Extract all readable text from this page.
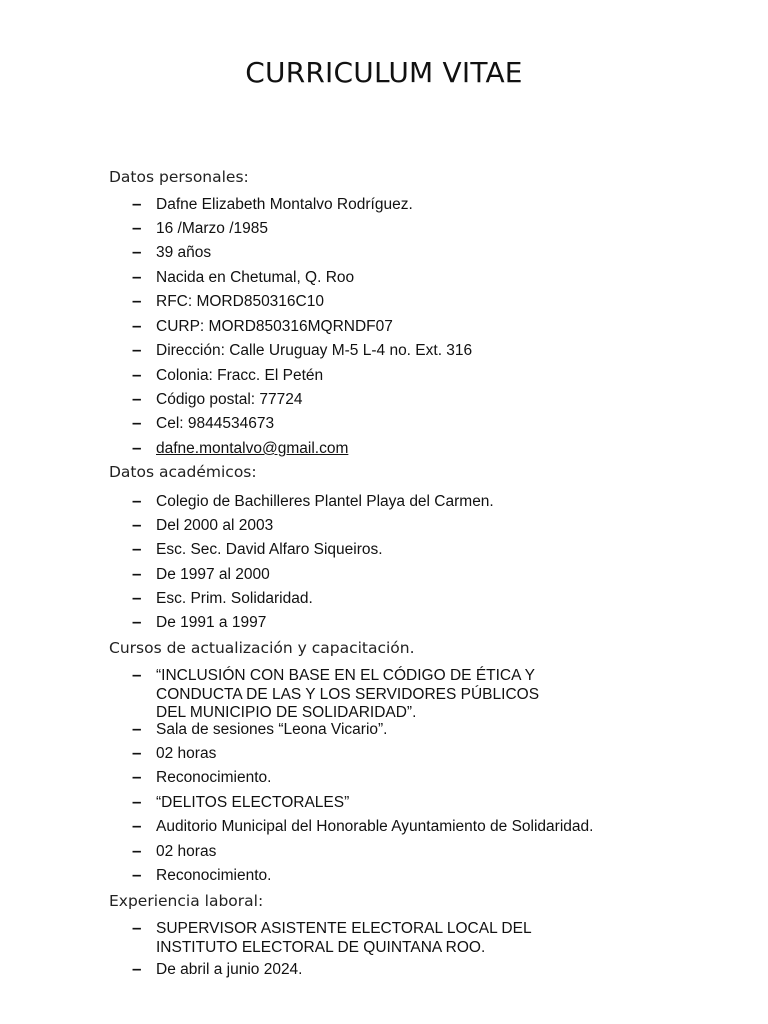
CURRICULUM VITAE
Datos personales:
– Dafne Elizabeth Montalvo Rodríguez.
– 16 /Marzo /1985
– 39 años
– Nacida en Chetumal, Q. Roo
– RFC: MORD850316C10
– CURP: MORD850316MQRNDF07
– Dirección: Calle Uruguay M-5 L-4 no. Ext. 316
– Colonia: Fracc. El Petén
– Código postal: 77724
– Cel: 9844534673
– dafne.montalvo@gmail.com
Datos académicos:
– Colegio de Bachilleres Plantel Playa del Carmen.
– Del 2000 al 2003
– Esc. Sec. David Alfaro Siqueiros.
– De 1997 al 2000
– Esc. Prim. Solidaridad.
– De 1991 a 1997
Cursos de actualización y capacitación.
– “INCLUSIÓN CON BASE EN EL CÓDIGO DE ÉTICA Y
CONDUCTA DE LAS Y LOS SERVIDORES PÚBLICOS
DEL MUNICIPIO DE SOLIDARIDAD”.
– Sala de sesiones “Leona Vicario”.
– 02 horas
– Reconocimiento.
– “DELITOS ELECTORALES”
– Auditorio Municipal del Honorable Ayuntamiento de Solidaridad.
– 02 horas
– Reconocimiento.
Experiencia laboral:
– SUPERVISOR ASISTENTE ELECTORAL LOCAL DEL
INSTITUTO ELECTORAL DE QUINTANA ROO.
– De abril a junio 2024.
